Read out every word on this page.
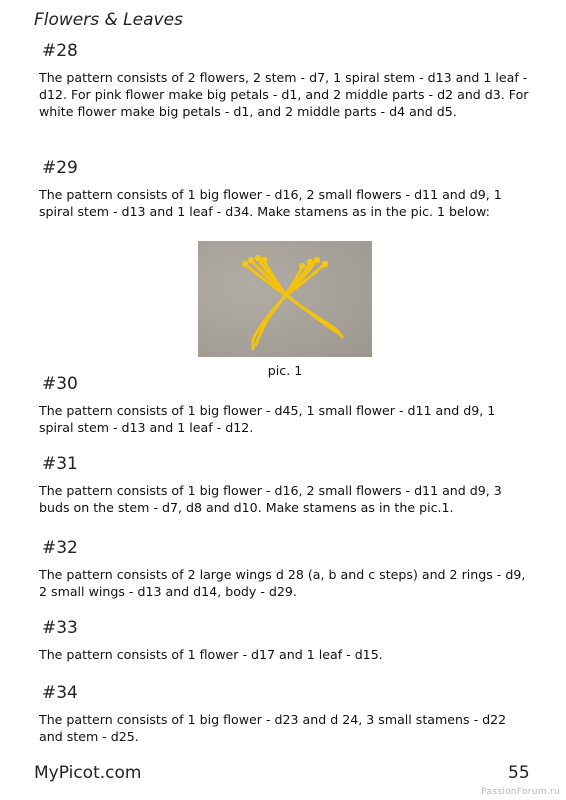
Flowers & Leaves
#28
The pattern consists of 2 flowers, 2 stem - d7, 1 spiral stem - d13 and 1 leaf - d12. For pink flower make big petals - d1, and 2 middle parts - d2 and d3. For white flower make big petals - d1, and 2 middle parts - d4 and d5.
#29
The pattern consists of 1 big flower - d16, 2 small flowers - d11 and d9, 1 spiral stem - d13 and 1 leaf - d34. Make stamens as in the pic. 1 below:
pic. 1
#30
The pattern consists of 1 big flower - d45, 1 small flower - d11 and d9, 1 spiral stem - d13 and 1 leaf - d12.
#31
The pattern consists of 1 big flower - d16, 2 small flowers - d11 and d9, 3 buds on the stem - d7, d8 and d10. Make stamens as in the pic.1.
#32
The pattern consists of 2 large wings d 28 (a, b and c steps) and 2 rings - d9, 2 small wings - d13 and d14, body - d29.
#33
The pattern consists of 1 flower - d17 and 1 leaf - d15.
#34
The pattern consists of 1 big flower - d23 and d 24, 3 small stamens - d22 and stem - d25.
MyPicot.com	55
PassionForum.ru
